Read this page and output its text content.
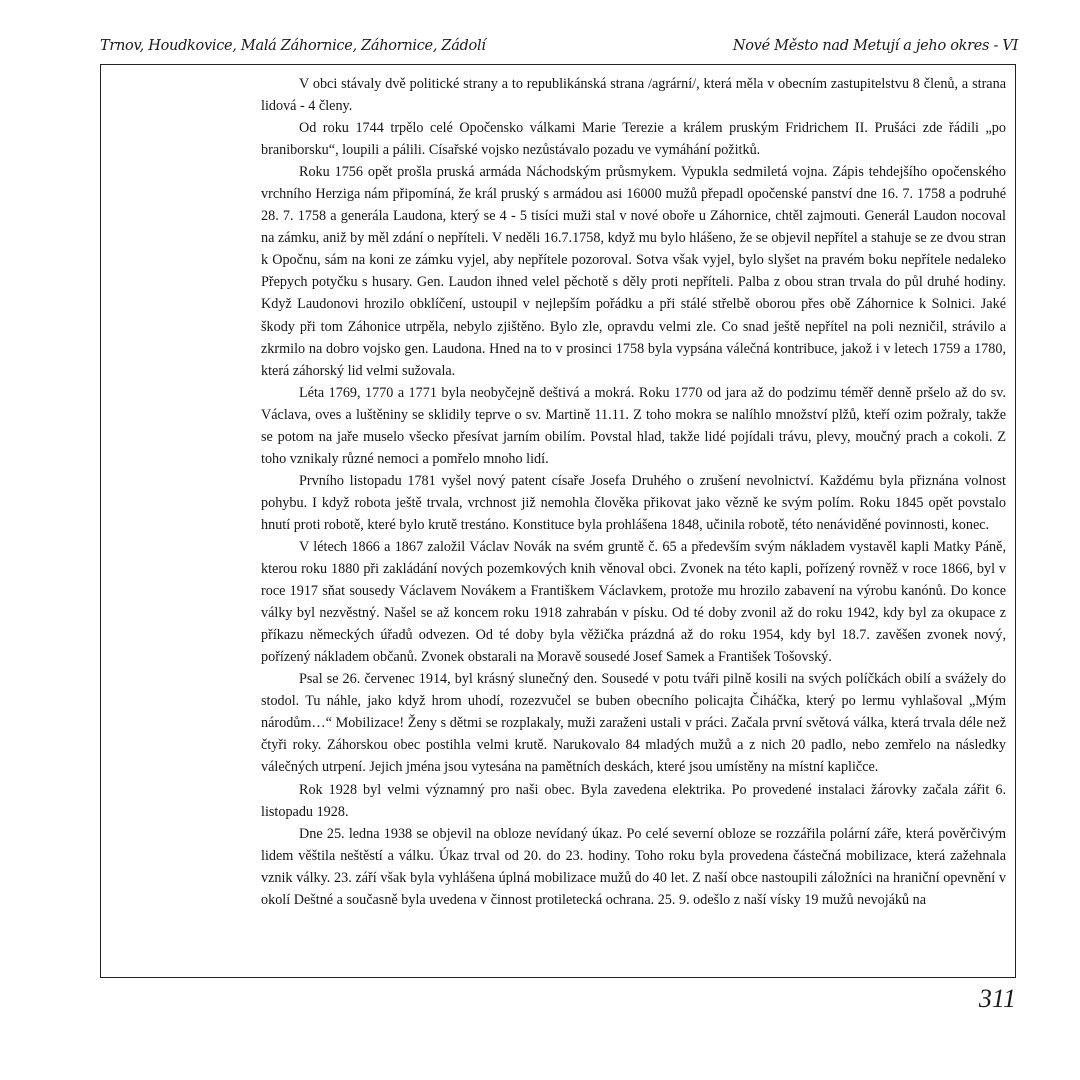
Trnov, Houdkovice, Malá Záhornice, Záhornice, Zádolí	Nové Město nad Metují a jeho okres - VI

V obci stávaly dvě politické strany a to republikánská strana /agrární/, která měla v obecním zastupitelstvu 8 členů, a strana lidová - 4 členy.

Od roku 1744 trpělo celé Opočensko válkami Marie Terezie a králem pruským Fridrichem II. Prušáci zde řádili „po braniborsku“, loupili a pálili. Císařské vojsko nezůstávalo pozadu ve vymáhání požitků.

Roku 1756 opět prošla pruská armáda Náchodským průsmykem. Vypukla sedmiletá vojna. Zápis tehdejšího opočenského vrchního Herziga nám připomíná, že král pruský s armádou asi 16000 mužů přepadl opočenské panství dne 16. 7. 1758 a podruhé 28. 7. 1758 a generála Laudona, který se 4 - 5 tisíci muži stal v nové oboře u Záhornice, chtěl zajmouti. Generál Laudon nocoval na zámku, aniž by měl zdání o nepříteli. V neděli 16.7.1758, když mu bylo hlášeno, že se objevil nepřítel a stahuje se ze dvou stran k Opočnu, sám na koni ze zámku vyjel, aby nepřítele pozoroval. Sotva však vyjel, bylo slyšet na pravém boku nepřítele nedaleko Přepych potyčku s husary. Gen. Laudon ihned velel pěchotě s děly proti nepříteli. Palba z obou stran trvala do půl druhé hodiny. Když Laudonovi hrozilo obklíčení, ustoupil v nejlepším pořádku a při stálé střelbě oborou přes obě Záhornice k Solnici. Jaké škody při tom Záhonice utrpěla, nebylo zjištěno. Bylo zle, opravdu velmi zle. Co snad ještě nepřítel na poli nezničil, strávilo a zkrmilo na dobro vojsko gen. Laudona. Hned na to v prosinci 1758 byla vypsána válečná kontribuce, jakož i v letech 1759 a 1780, která záhorský lid velmi sužovala.

Léta 1769, 1770 a 1771 byla neobyčejně deštivá a mokrá. Roku 1770 od jara až do podzimu téměř denně pršelo až do sv. Václava, oves a luštěniny se sklidily teprve o sv. Martině 11.11. Z toho mokra se nalíhlo množství plžů, kteří ozim požraly, takže se potom na jaře muselo všecko přesívat jarním obilím. Povstal hlad, takže lidé pojídali trávu, plevy, moučný prach a cokoli. Z toho vznikaly různé nemoci a pomřelo mnoho lidí.

Prvního listopadu 1781 vyšel nový patent císaře Josefa Druhého o zrušení nevolnictví. Každému byla přiznána volnost pohybu. I když robota ještě trvala, vrchnost již nemohla člověka přikovat jako vězně ke svým polím. Roku 1845 opět povstalo hnutí proti robotě, které bylo krutě trestáno. Konstituce byla prohlášena 1848, učinila robotě, této nenáviděné povinnosti, konec.

V létech 1866 a 1867 založil Václav Novák na svém gruntě č. 65 a především svým nákladem vystavěl kapli Matky Páně, kterou roku 1880 při zakládání nových pozemkových knih věnoval obci. Zvonek na této kapli, pořízený rovněž v roce 1866, byl v roce 1917 sňat sousedy Václavem Novákem a Františkem Václavkem, protože mu hrozilo zabavení na výrobu kanónů. Do konce války byl nezvěstný. Našel se až koncem roku 1918 zahrabán v písku. Od té doby zvonil až do roku 1942, kdy byl za okupace z příkazu německých úřadů odvezen. Od té doby byla věžička prázdná až do roku 1954, kdy byl 18.7. zavěšen zvonek nový, pořízený nákladem občanů. Zvonek obstarali na Moravě sousedé Josef Samek a František Tošovský.

Psal se 26. červenec 1914, byl krásný slunečný den. Sousedé v potu tváři pilně kosili na svých políčkách obilí a svážely do stodol. Tu náhle, jako když hrom uhodí, rozezvučel se buben obecního policajta Čiháčka, který po lermu vyhlašoval „Mým národům…“ Mobilizace! Ženy s dětmi se rozplakaly, muži zaraženi ustali v práci. Začala první světová válka, která trvala déle než čtyři roky. Záhorskou obec postihla velmi krutě. Narukovalo 84 mladých mužů a z nich 20 padlo, nebo zemřelo na následky válečných utrpení. Jejich jména jsou vytesána na pamětních deskách, které jsou umístěny na místní kapličce.

Rok 1928 byl velmi významný pro naši obec. Byla zavedena elektrika. Po provedené instalaci žárovky začala zářit 6. listopadu 1928.

Dne 25. ledna 1938 se objevil na obloze nevídaný úkaz. Po celé severní obloze se rozzářila polární záře, která pověrčivým lidem věštila neštěstí a válku. Úkaz trval od 20. do 23. hodiny. Toho roku byla provedena částečná mobilizace, která zažehnala vznik války. 23. září však byla vyhlášena úplná mobilizace mužů do 40 let. Z naší obce nastoupili záložníci na hraniční opevnění v okolí Deštné a současně byla uvedena v činnost protiletecká ochrana. 25. 9. odešlo z naší vísky 19 mužů nevojáků na

311
